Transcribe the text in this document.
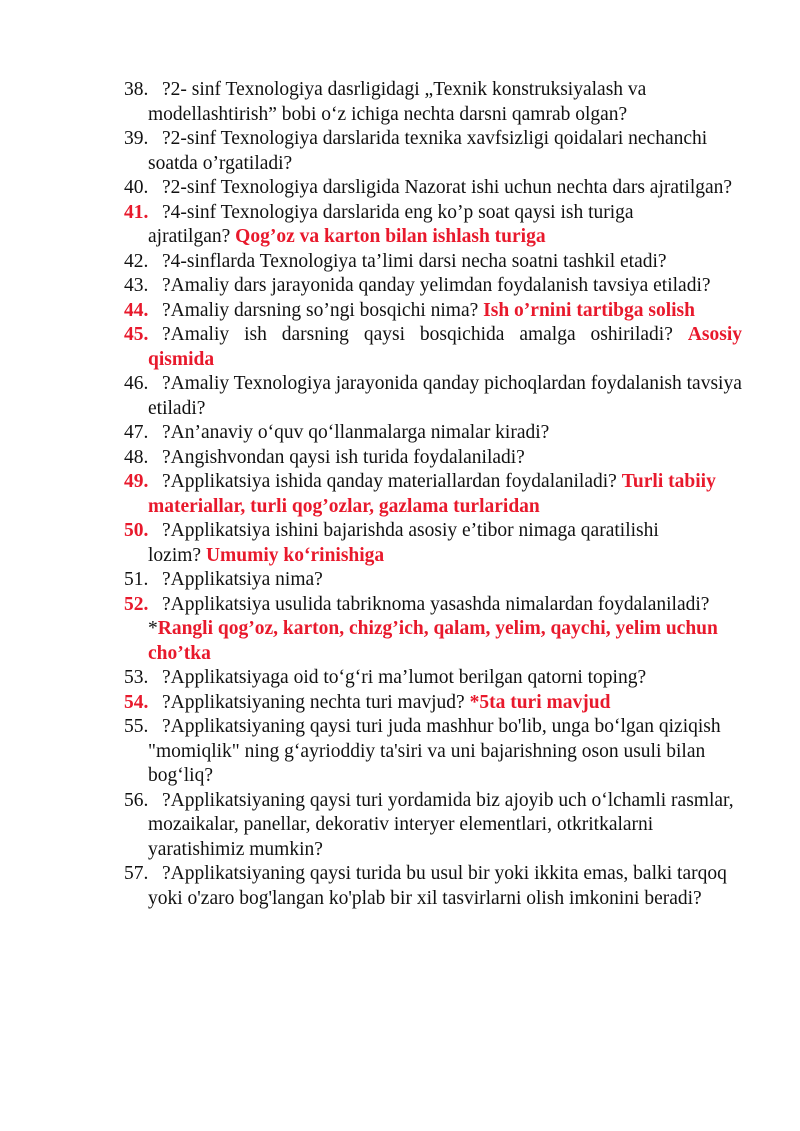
38. ?2- sinf Texnologiya dasrligidagi „Texnik konstruksiyalash va modellashtirish” bobi o‘z ichiga nechta darsni qamrab olgan?
39. ?2-sinf Texnologiya darslarida texnika xavfsizligi qoidalari nechanchi soatda o’rgatiladi?
40. ?2-sinf Texnologiya darsligida Nazorat ishi uchun nechta dars ajratilgan?
41. ?4-sinf Texnologiya darslarida eng ko’p soat qaysi ish turiga ajratilgan? Qog’oz va karton bilan ishlash turiga
42. ?4-sinflarda Texnologiya ta’limi darsi necha soatni tashkil etadi?
43. ?Amaliy dars jarayonida qanday yelimdan foydalanish tavsiya etiladi?
44. ?Amaliy darsning so’ngi bosqichi nima? Ish o’rnini tartibga solish
45. ?Amaliy ish darsning qaysi bosqichida amalga oshiriladi? Asosiy qismida
46. ?Amaliy Texnologiya jarayonida qanday pichoqlardan foydalanish tavsiya etiladi?
47. ?An’anaviy o‘quv qo‘llanmalarga nimalar kiradi?
48. ?Angishvondan qaysi ish turida foydalaniladi?
49. ?Applikatsiya ishida qanday materiallardan foydalaniladi? Turli tabiiy materiallar, turli qog’ozlar, gazlama turlaridan
50. ?Applikatsiya ishini bajarishda asosiy e’tibor nimaga qaratilishi lozim? Umumiy ko‘rinishiga
51. ?Applikatsiya nima?
52. ?Applikatsiya usulida tabriknoma yasashda nimalardan foydalaniladi? *Rangli qog’oz, karton, chizg’ich, qalam, yelim, qaychi, yelim uchun cho’tka
53. ?Applikatsiyaga oid to‘g‘ri ma’lumot berilgan qatorni toping?
54. ?Applikatsiyaning nechta turi mavjud? *5ta turi mavjud
55. ?Applikatsiyaning qaysi turi juda mashhur bo'lib, unga bo‘lgan qiziqish "momiqlik" ning g‘ayrioddiy ta'siri va uni bajarishning oson usuli bilan bog‘liq?
56. ?Applikatsiyaning qaysi turi yordamida biz ajoyib uch o‘lchamli rasmlar, mozaikalar, panellar, dekorativ interyer elementlari, otkritkalarni yaratishimiz mumkin?
57. ?Applikatsiyaning qaysi turida bu usul bir yoki ikkita emas, balki tarqoq yoki o'zaro bog'langan ko'plab bir xil tasvirlarni olish imkonini beradi?
